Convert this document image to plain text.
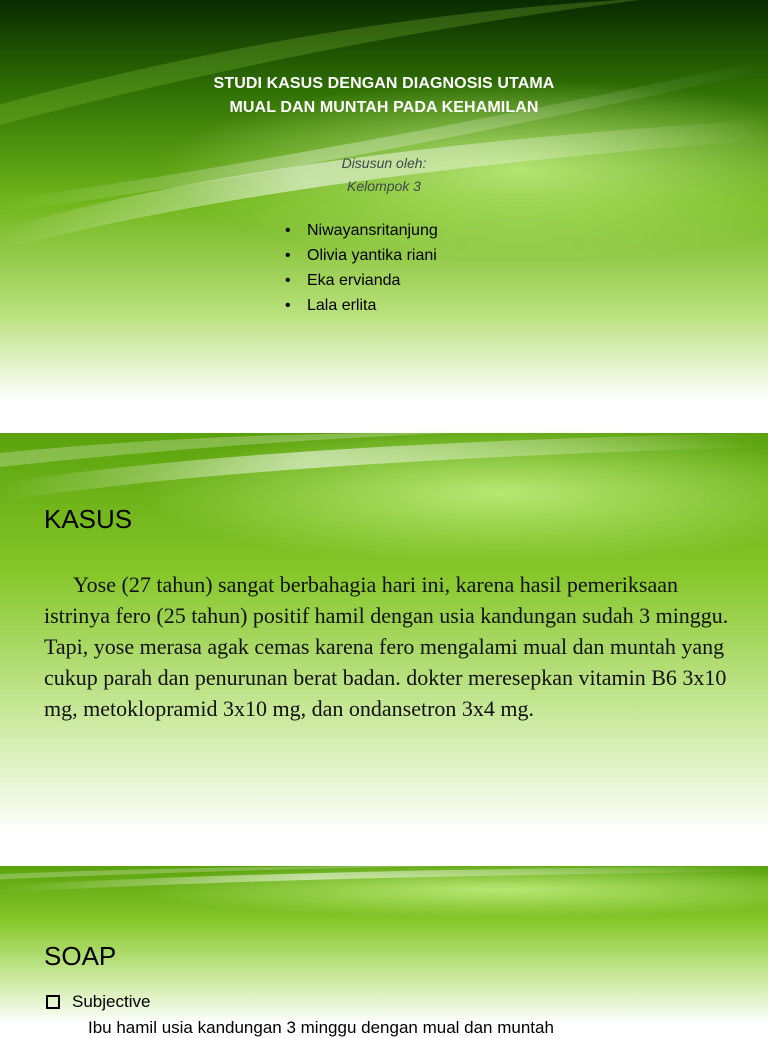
STUDI KASUS DENGAN DIAGNOSIS UTAMA
MUAL DAN MUNTAH PADA KEHAMILAN
Disusun oleh:
Kelompok 3
•	Niwayansritanjung
•	Olivia yantika riani
•	Eka ervianda
•	Lala erlita
KASUS

Yose (27 tahun) sangat berbahagia hari ini, karena hasil pemeriksaan istrinya fero (25 tahun) positif hamil dengan usia kandungan sudah 3 minggu. Tapi, yose merasa agak cemas karena fero mengalami mual dan muntah yang cukup parah dan penurunan berat badan. dokter meresepkan vitamin B6 3x10 mg, metoklopramid 3x10 mg, dan ondansetron 3x4 mg.

SOAP
Subjective
Ibu hamil usia kandungan 3 minggu dengan mual dan muntah
